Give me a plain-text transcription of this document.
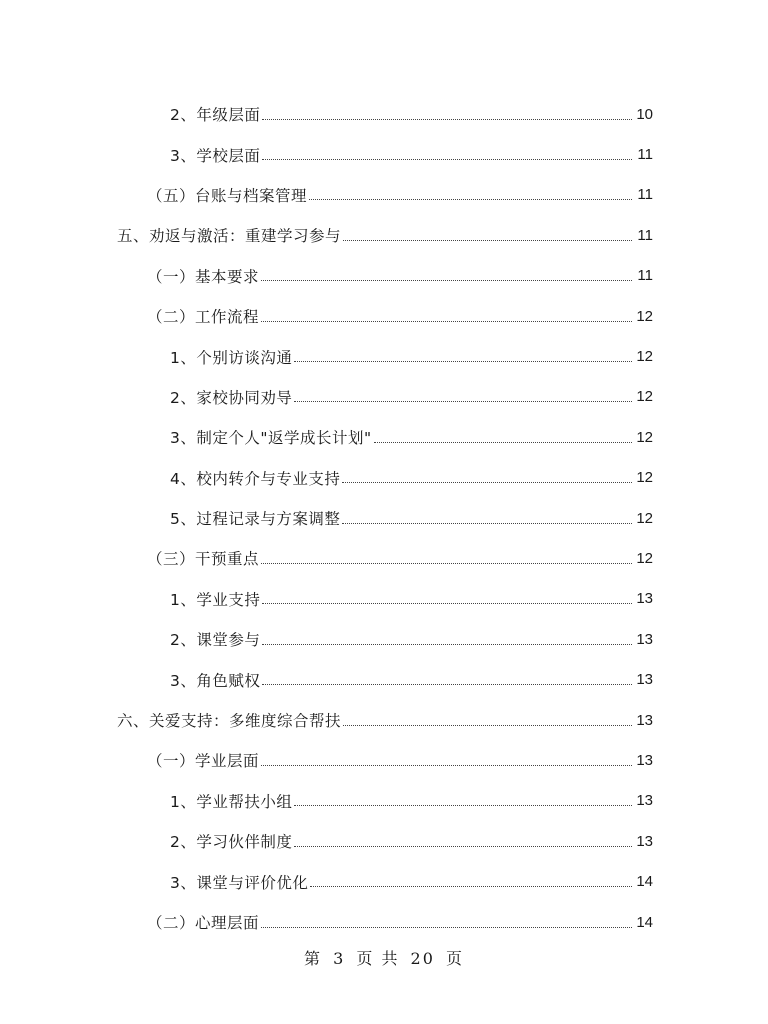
2、年级层面	10
3、学校层面	11
（五）台账与档案管理	11
五、劝返与激活：重建学习参与	11
（一）基本要求	11
（二）工作流程	12
1、个别访谈沟通	12
2、家校协同劝导	12
3、制定个人"返学成长计划"	12
4、校内转介与专业支持	12
5、过程记录与方案调整	12
（三）干预重点	12
1、学业支持	13
2、课堂参与	13
3、角色赋权	13
六、关爱支持：多维度综合帮扶	13
（一）学业层面	13
1、学业帮扶小组	13
2、学习伙伴制度	13
3、课堂与评价优化	14
（二）心理层面	14
第 3 页 共 20 页
